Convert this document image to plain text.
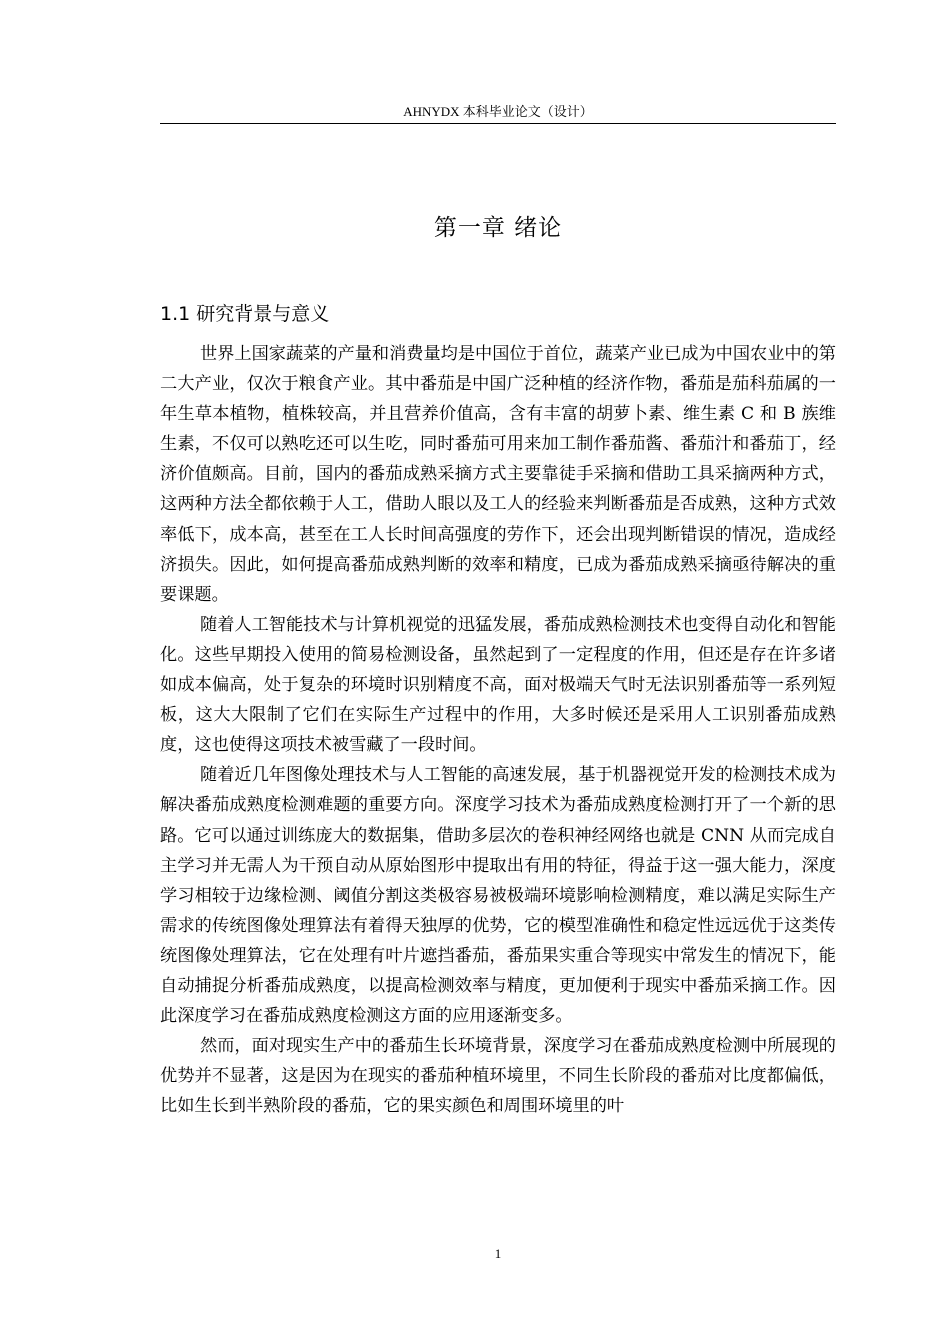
AHNYDX 本科毕业论文（设计）
第一章 绪论
1.1 研究背景与意义

世界上国家蔬菜的产量和消费量均是中国位于首位，蔬菜产业已成为中国农业中的第二大产业，仅次于粮食产业。其中番茄是中国广泛种植的经济作物，番茄是茄科茄属的一年生草本植物，植株较高，并且营养价值高，含有丰富的胡萝卜素、维生素 C 和 B 族维生素，不仅可以熟吃还可以生吃，同时番茄可用来加工制作番茄酱、番茄汁和番茄丁，经济价值颇高。目前，国内的番茄成熟采摘方式主要靠徒手采摘和借助工具采摘两种方式，这两种方法全都依赖于人工，借助人眼以及工人的经验来判断番茄是否成熟，这种方式效率低下，成本高，甚至在工人长时间高强度的劳作下，还会出现判断错误的情况，造成经济损失。因此，如何提高番茄成熟判断的效率和精度，已成为番茄成熟采摘亟待解决的重要课题。

随着人工智能技术与计算机视觉的迅猛发展，番茄成熟检测技术也变得自动化和智能化。这些早期投入使用的简易检测设备，虽然起到了一定程度的作用，但还是存在许多诸如成本偏高，处于复杂的环境时识别精度不高，面对极端天气时无法识别番茄等一系列短板，这大大限制了它们在实际生产过程中的作用，大多时候还是采用人工识别番茄成熟度，这也使得这项技术被雪藏了一段时间。

随着近几年图像处理技术与人工智能的高速发展，基于机器视觉开发的检测技术成为解决番茄成熟度检测难题的重要方向。深度学习技术为番茄成熟度检测打开了一个新的思路。它可以通过训练庞大的数据集，借助多层次的卷积神经网络也就是 CNN 从而完成自主学习并无需人为干预自动从原始图形中提取出有用的特征，得益于这一强大能力，深度学习相较于边缘检测、阈值分割这类极容易被极端环境影响检测精度，难以满足实际生产需求的传统图像处理算法有着得天独厚的优势，它的模型准确性和稳定性远远优于这类传统图像处理算法，它在处理有叶片遮挡番茄，番茄果实重合等现实中常发生的情况下，能自动捕捉分析番茄成熟度，以提高检测效率与精度，更加便利于现实中番茄采摘工作。因此深度学习在番茄成熟度检测这方面的应用逐渐变多。

然而，面对现实生产中的番茄生长环境背景，深度学习在番茄成熟度检测中所展现的优势并不显著，这是因为在现实的番茄种植环境里，不同生长阶段的番茄对比度都偏低，比如生长到半熟阶段的番茄，它的果实颜色和周围环境里的叶

1
